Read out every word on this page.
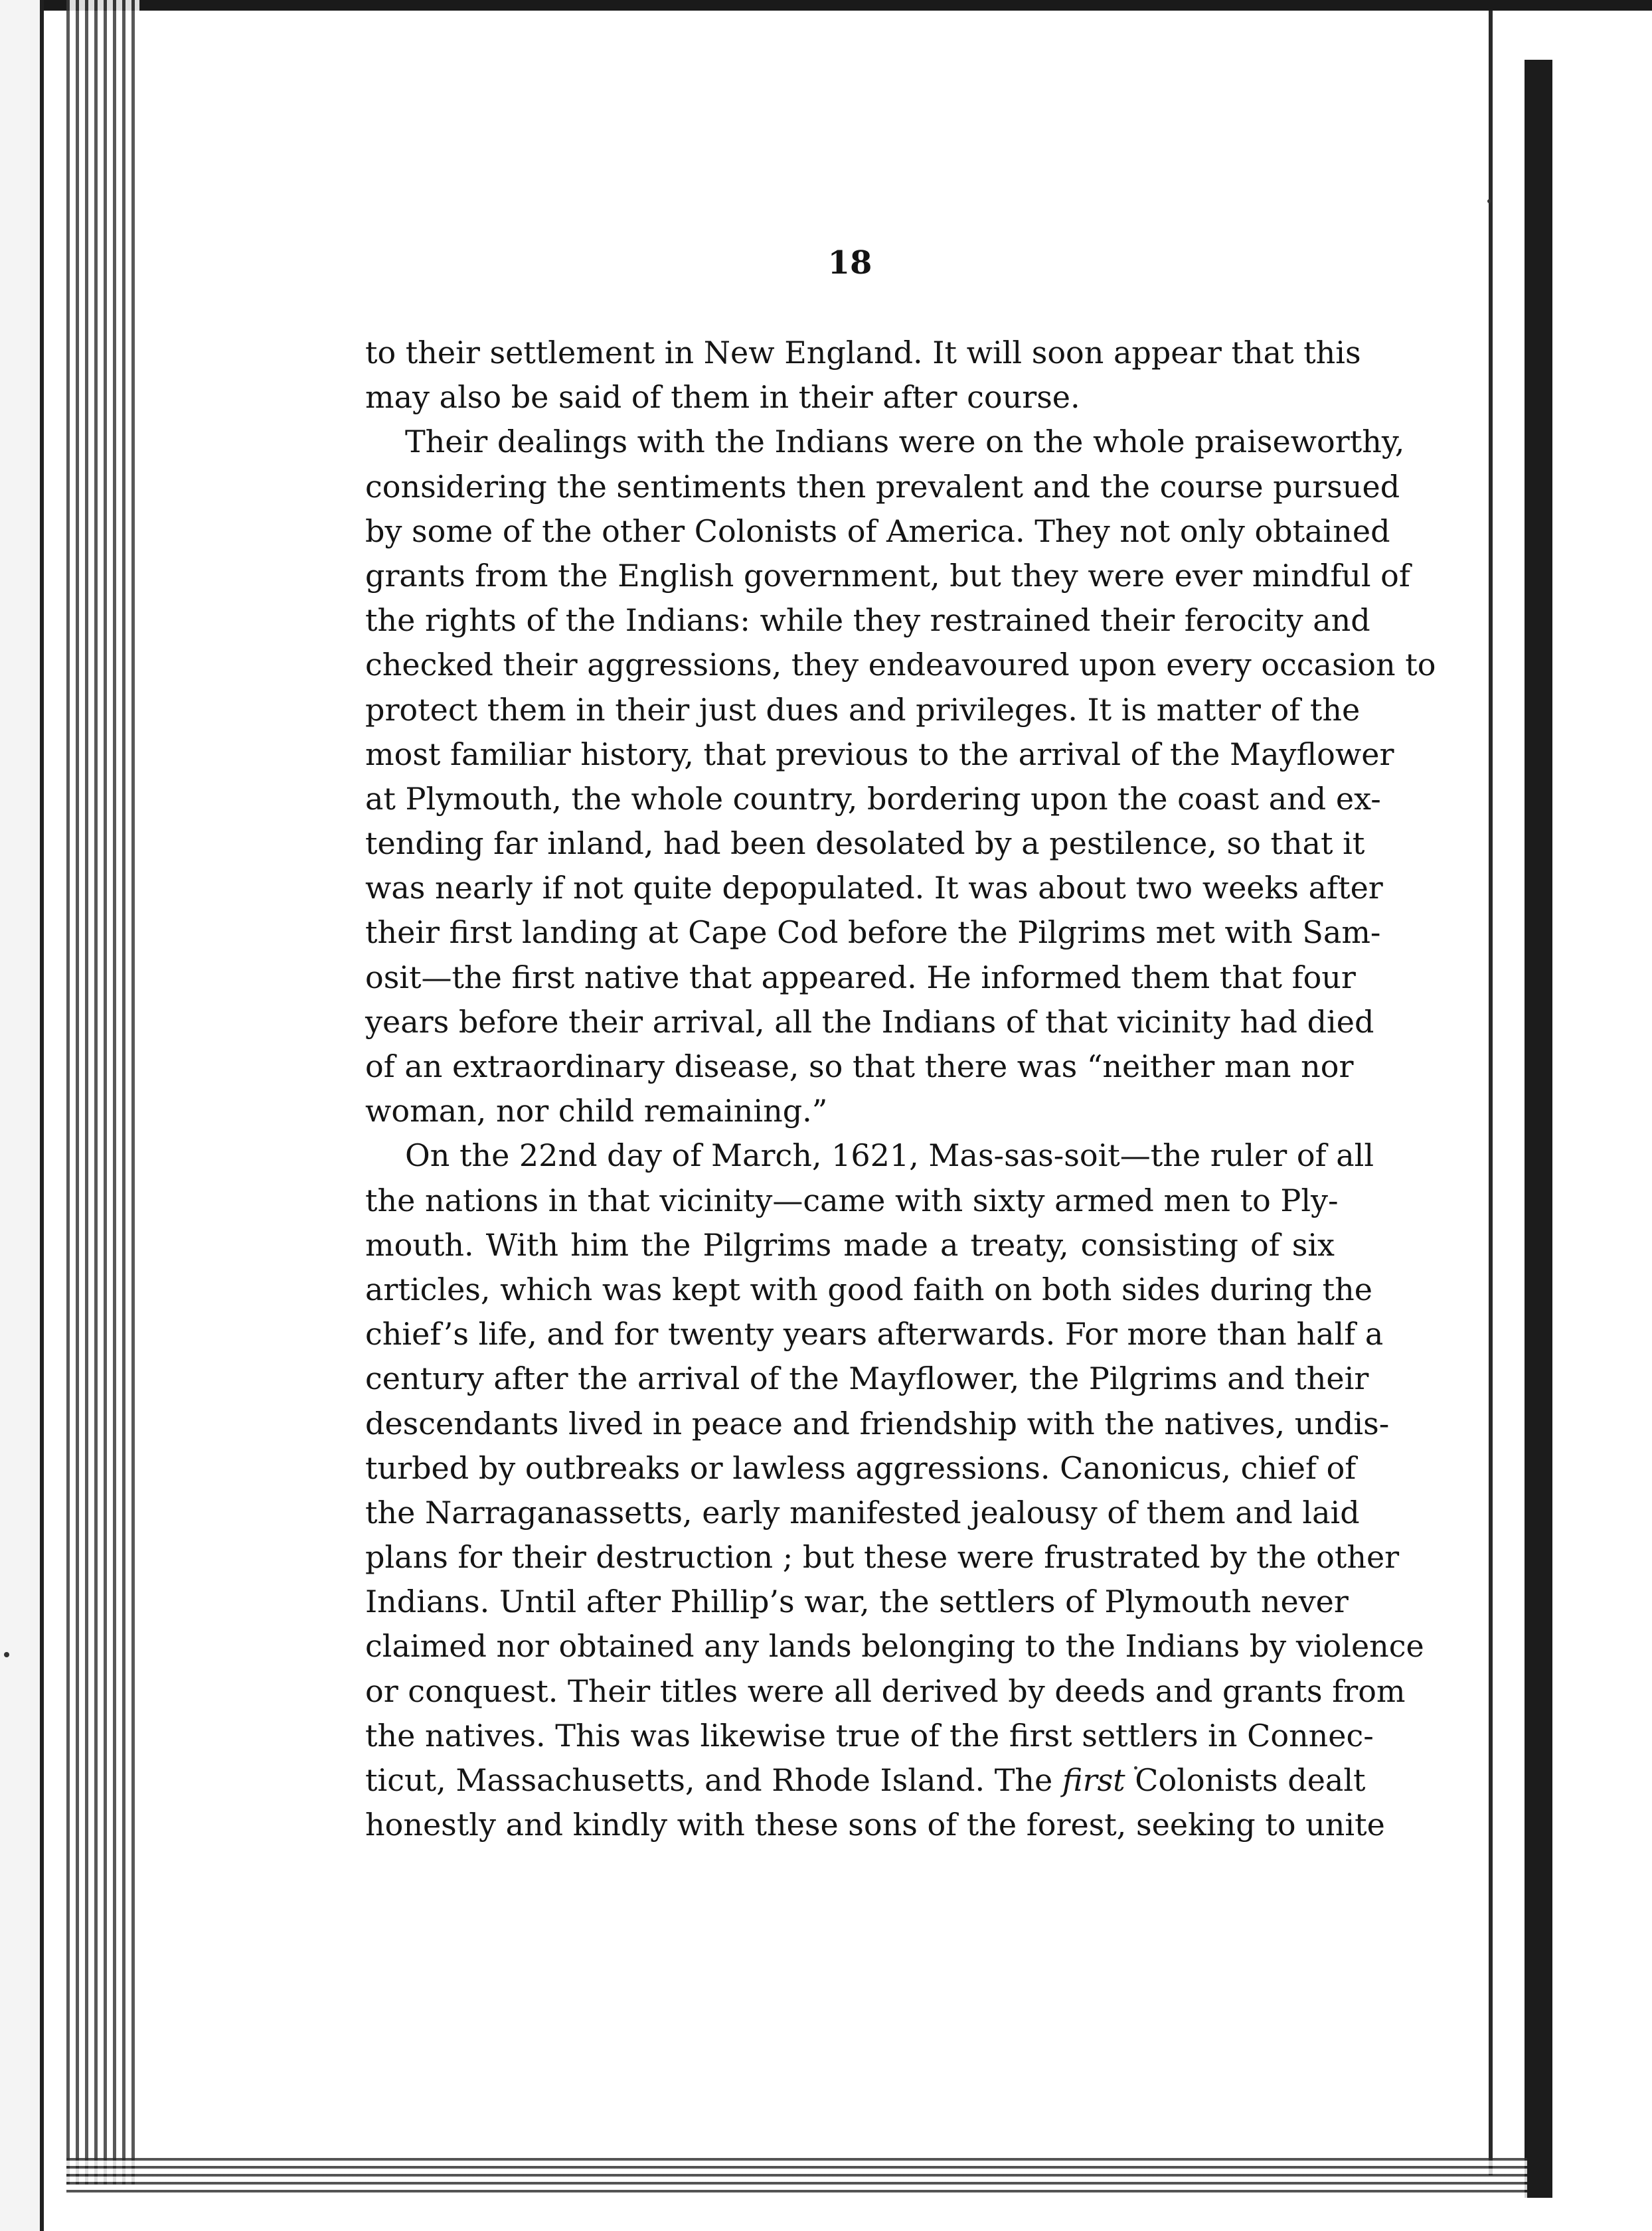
18
to their settlement in New England. It will soon appear that this
may also be said of them in their after course.
Their dealings with the Indians were on the whole praiseworthy,
considering the sentiments then prevalent and the course pursued
by some of the other Colonists of America. They not only obtained
grants from the English government, but they were ever mindful of
the rights of the Indians: while they restrained their ferocity and
checked their aggressions, they endeavoured upon every occasion to
protect them in their just dues and privileges. It is matter of the
most familiar history, that previous to the arrival of the Mayflower
at Plymouth, the whole country, bordering upon the coast and ex-
tending far inland, had been desolated by a pestilence, so that it
was nearly if not quite depopulated. It was about two weeks after
their first landing at Cape Cod before the Pilgrims met with Sam-
osit—the first native that appeared. He informed them that four
years before their arrival, all the Indians of that vicinity had died
of an extraordinary disease, so that there was “neither man nor
woman, nor child remaining.”
On the 22nd day of March, 1621, Mas-sas-soit—the ruler of all
the nations in that vicinity—came with sixty armed men to Ply-
mouth. With him the Pilgrims made a treaty, consisting of six
articles, which was kept with good faith on both sides during the
chief’s life, and for twenty years afterwards. For more than half a
century after the arrival of the Mayflower, the Pilgrims and their
descendants lived in peace and friendship with the natives, undis-
turbed by outbreaks or lawless aggressions. Canonicus, chief of
the Narraganassetts, early manifested jealousy of them and laid
plans for their destruction ; but these were frustrated by the other
Indians. Until after Phillip’s war, the settlers of Plymouth never
claimed nor obtained any lands belonging to the Indians by violence
or conquest. Their titles were all derived by deeds and grants from
the natives. This was likewise true of the first settlers in Connec-
ticut, Massachusetts, and Rhode Island. The first Colonists dealt
honestly and kindly with these sons of the forest, seeking to unite
